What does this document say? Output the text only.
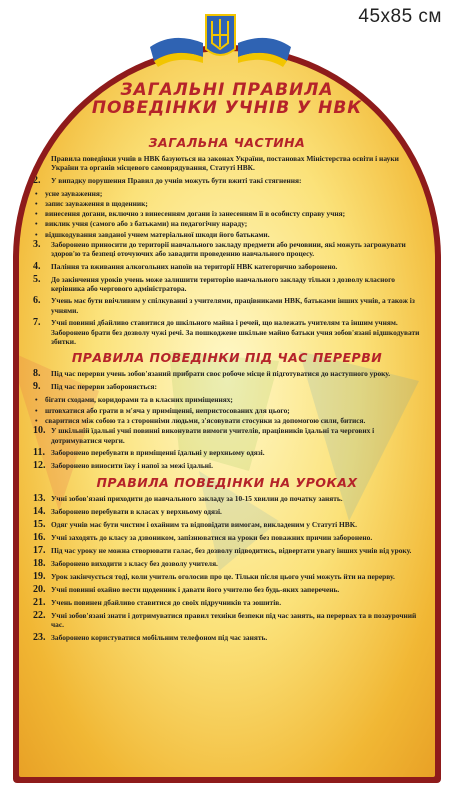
45x85 см

ЗАГАЛЬНІ ПРАВИЛА

ПОВЕДІНКИ УЧНІВ У НВК

ЗАГАЛЬНА ЧАСТИНА
1.	Правила поведінки учнів в НВК базуються на законах України, постановах Міністерства освіти і науки України та органів місцевого самоврядування, Статуті НВК.
2.	У випадку порушення Правил до учнів можуть бути вжиті такі стягнення:
•	усне зауваження;
•	запис зауваження в щоденник;
•	винесення догани, включно з винесенням догани із занесенням її в особисту справу учня;
•	виклик учня (самого або з батьками) на педагогічну нараду;
•	відшкодування завданої учнем матеріальної шкоди його батьками.
3.	Заборонено приносити до території навчального закладу предмети або речовини, які можуть загрожувати здоров'ю та безпеці оточуючих або завадити проведенню навчального процесу.
4.	Паління та вживання алкогольних напоїв на території НВК категорично заборонено.
5.	До закінчення уроків учень може залишити територію навчального закладу тільки з дозволу класного керівника або чергового адміністратора.
6.	Учень має бути ввічливим у спілкуванні з учителями, працівниками НВК, батьками інших учнів, а також із учнями.
7.	Учні повинні дбайливо ставитися до шкільного майна і речей, що належать учителям та іншим учням. Заборонено брати без дозволу чужі речі. За пошкоджене шкільне майно батьки учня зобов'язані відшкодувати збитки.
ПРАВИЛА ПОВЕДІНКИ ПІД ЧАС ПЕРЕРВИ
8.	Під час перерви учень зобов'язаний прибрати своє робоче місце й підготуватися до наступного уроку.
9.	Під час перерви забороняється:
•	бігати сходами, коридорами та в класних приміщеннях;
•	штовхатися або грати в м'яча у приміщенні, непристосованих для цього;
•	сваритися між собою та з сторонніми людьми, з'ясовувати стосунки за допомогою сили, битися.
10. У шкільній їдальні учні повинні виконувати вимоги учителів, працівників їдальні та чергових і дотримуватися черги.
11. Заборонено перебувати в приміщенні їдальні у верхньому одязі.
12. Заборонено виносити їжу і напої за межі їдальні.
ПРАВИЛА ПОВЕДІНКИ НА УРОКАХ
13. Учні зобов'язані приходити до навчального закладу за 10-15 хвилин до початку занять.
14. Заборонено перебувати в класах у верхньому одязі.
15. Одяг учнів має бути чистим і охайним та відповідати вимогам, викладеним у Статуті НВК.
16. Учні заходять до класу за дзвоником, запізнюватися на уроки без поважних причин заборонено.
17. Під час уроку не можна створювати галас, без дозволу підводитись, відвертати увагу інших учнів від уроку.
18. Заборонено виходити з класу без дозволу учителя.
19. Урок закінчується тоді, коли учитель оголосив про це. Тільки після цього учні можуть йти на перерву.
20. Учні повинні охайно вести щоденник і давати його учителю без будь-яких заперечень.
21. Учень повинен дбайливо ставитися до своїх підручників та зошитів.
22. Учні зобов'язані знати і дотримуватися правил техніки безпеки під час занять, на перервах та в позаурочний час.
23. Заборонено користуватися мобільним телефоном під час занять.
